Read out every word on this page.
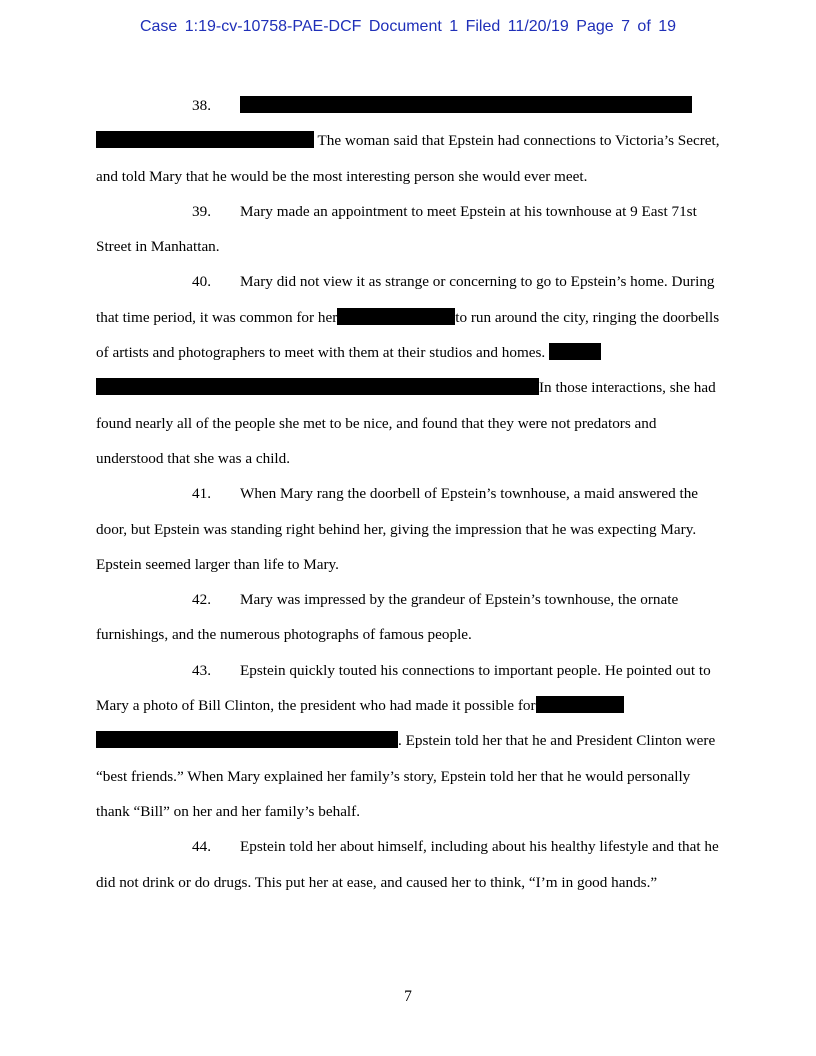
Case 1:19-cv-10758-PAE-DCF Document 1 Filed 11/20/19 Page 7 of 19

38. The woman said that Epstein had connections to Victoria’s Secret, and told Mary that he would be the most interesting person she would ever meet.

39. Mary made an appointment to meet Epstein at his townhouse at 9 East 71st Street in Manhattan.

40. Mary did not view it as strange or concerning to go to Epstein’s home. During that time period, it was common for her	to run around the city, ringing the doorbells of artists and photographers to meet with them at their studios and homes. In those interactions, she had found nearly all of the people she met to be nice, and found that they were not predators and understood that she was a child.

41. When Mary rang the doorbell of Epstein’s townhouse, a maid answered the door, but Epstein was standing right behind her, giving the impression that he was expecting Mary. Epstein seemed larger than life to Mary.

42. Mary was impressed by the grandeur of Epstein’s townhouse, the ornate furnishings, and the numerous photographs of famous people.

43. Epstein quickly touted his connections to important people. He pointed out to Mary a photo of Bill Clinton, the president who had made it possible for. Epstein told her that he and President Clinton were “best friends.” When Mary explained her family’s story, Epstein told her that he would personally thank “Bill” on her and her family’s behalf.

44. Epstein told her about himself, including about his healthy lifestyle and that he did not drink or do drugs. This put her at ease, and caused her to think, “I’m in good hands.”

7
